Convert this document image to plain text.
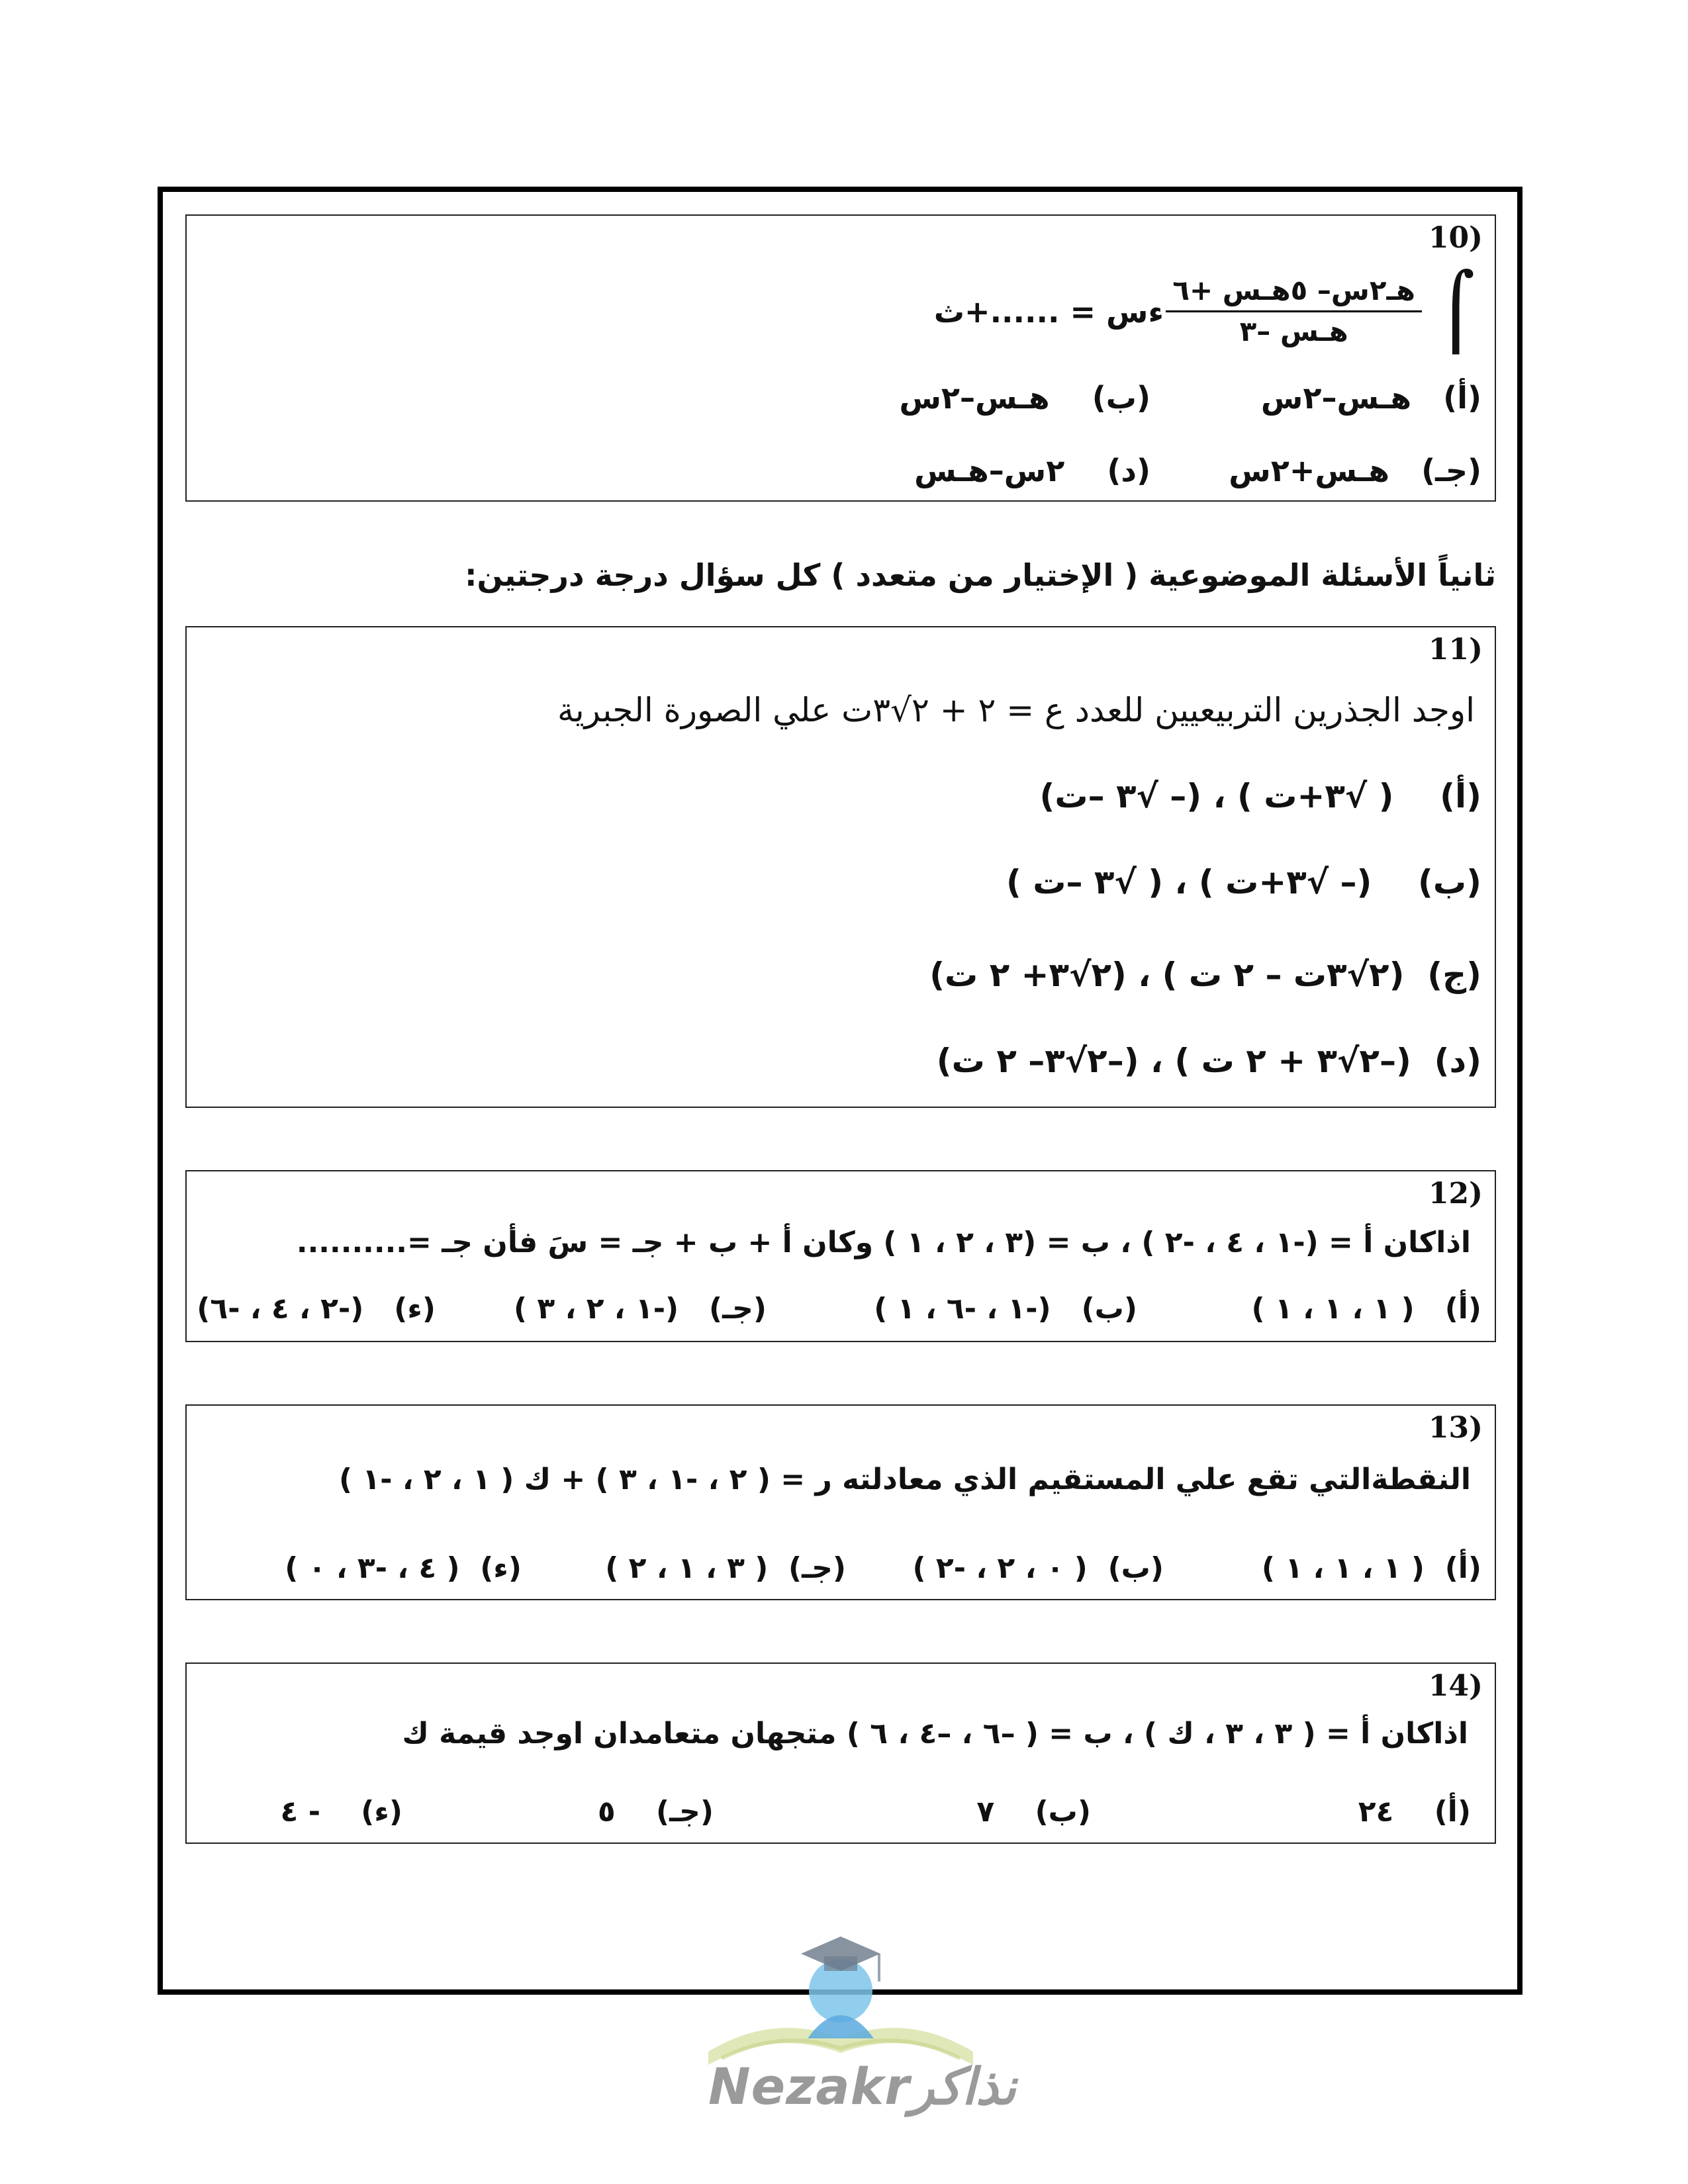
10)
⌠
هـ٢س– ٥هـس +٦
هـس –٣
ءس = ......+ث
(أ)   هـس–٢س
(ب)    هـس–٢س
(جـ)   هـس+٢س
(د)    ٢س–هـس
ثانياً الأسئلة الموضوعية ( الإختيار من متعدد ) كل سؤال درجة درجتين:
11)
اوجد الجذرين التربيعيين للعدد ع = ٢ + ٢√٣ت علي الصورة الجبرية
(أ)    ( √٣+ت ) ، (– √٣ –ت)
(ب)    (– √٣+ت ) ، ( √٣ –ت )
(ج)  (٢√٣ت – ٢ ت ) ، (٢√٣+ ٢ ت)
(د)  (–٢√٣ + ٢ ت ) ، (–٢√٣– ٢ ت)
12)
اذاكان أ = (-١ ، ٤ ، -٢ ) ، ب = (٣ ، ٢ ، ١ ) وكان أ + ب + جـ = سَ فأن جـ =..........
(أ)   ( ١ ، ١ ، ١ )
(ب)   (-١ ، -٦ ، ١ )
(جـ)   (-١ ، ٢ ، ٣ )
(ء)   (-٢ ، ٤ ، -٦)
13)
النقطةالتي تقع علي المستقيم الذي معادلته ر = ( ٢ ، -١ ، ٣ ) + ك ( ١ ، ٢ ، -١ )
(أ)  ( ١ ، ١ ، ١ )
(ب)  ( ٠ ، ٢ ، -٢ )
(جـ)  ( ٣ ، ١ ، ٢ )
(ء)  ( ٤ ، -٣ ، ٠ )
14)
اذاكان أ = ( ٣ ، ٣ ، ك ) ، ب = ( –٦ ، –٤ ، ٦ ) متجهان متعامدان اوجد قيمة ك
(أ)    ٢٤
(ب)    ٧
(جـ)    ٥
(ء)    - ٤
Nezakrنذاكر
